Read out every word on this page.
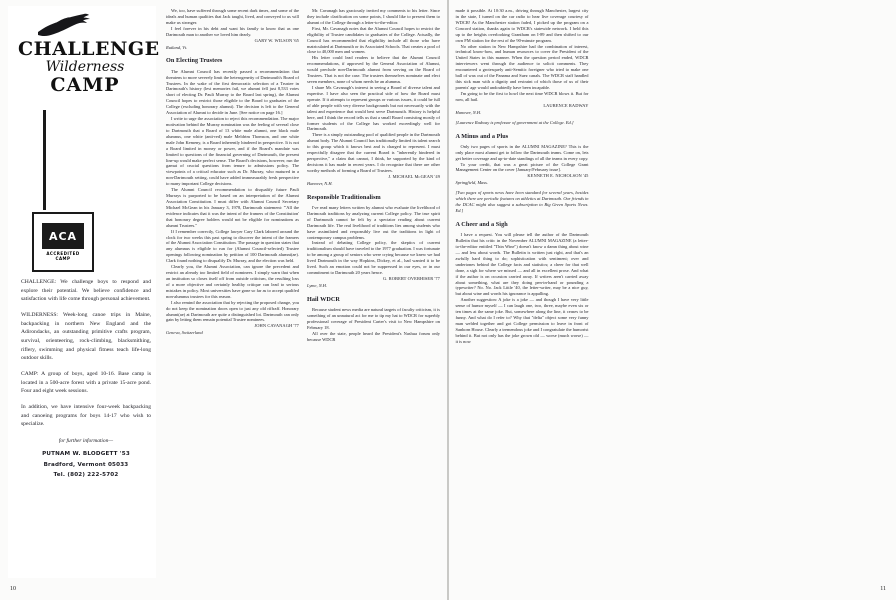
CHALLENGE
Wilderness
CAMP
ACA
ACCREDITED
CAMP

CHALLENGE: We challenge boys to respond and explore their potential. We believe confidence and satisfaction with life come through personal achievement.

WILDERNESS: Week-long canoe trips in Maine, backpacking in northern New England and the Adirondacks, an outstanding primitive crafts program, survival, orienteering, rock-climbing, blacksmithing, riflery, swimming and physical fitness teach life-long outdoor skills.

CAMP: A group of boys, aged 10-16. Base camp is located in a 500-acre forest with a private 15-acre pond. Four and eight week sessions.

In addition, we have intensive four-week backpacking and canoeing programs for boys 14-17 who wish to specialize.

for further information—
PUTNAM W. BLODGETT '53
Bradford, Vermont 05033
Tel. (802) 222-5702
10

We, too, have suffered through some recent dark times, and some of the ideals and human qualities that Jack taught, lived, and conveyed to us will make us stronger.

I feel forever in his debt and want his family to know that as one Dartmouth man to another we loved him dearly.

GARY W. WILSON '65
Rutland, Vt.
On Electing Trustees

The Alumni Council has recently passed a recommendation that threatens to more severely limit the heterogeneity of Dartmouth's Board of Trustees. In the wake of the first democratic selection of a Trustee in Dartmouth's history (lest memories fail, we alumni fell just 8,533 votes short of electing Dr. Pauli Murray to the Board last spring), the Alumni Council hopes to restrict those eligible to the Board to graduates of the College (excluding honorary alumni). The decision is left to the General Association of Alumni to decide in June. [See notice on page 16.]

I write to urge the association to reject this recommendation. The major motivation behind the Murray nomination was the feeling of several close to Dartmouth that a Board of 13 white male alumni, one black male alumnus, one white (anti-red) male Meldrim Thomson, and one white male John Kemeny, is a Board inherently hindered in perspective. It is not a Board limited in money or power, and if the Board's mandate was limited to questions of the financial governing of Dartmouth, the present line-up would make perfect sense. The Board's decisions, however, run the gamut of crucial questions from tenure to admissions policy. The viewpoints of a critical educator such as Dr. Murray, who matured in a non-Dartmouth setting, could have added immeasurably fresh perspective to many important College decisions.

The Alumni Council recommendation to disqualify future Pauli Murrays is purported to be based on an interpretation of the Alumni Association Constitution. I must differ with Alumni Council Secretary Michael McGean in his January 3, 1978, Dartmouth statement: "'All the evidence indicates that it was the intent of the framers of the Constitution' that honorary degree holders would not be eligible for nominations as alumni Trustees."

If I remember correctly, College lawyer Cary Clark labored around the clock for two weeks this past spring to discover the intent of the framers of the Alumni Association Constitution. The passage in question states that any alumnus is eligible to run for (Alumni Council-selected) Trustee openings following nomination by petition of 100 Dartmouth alumni(ae). Clark found nothing to disqualify Dr. Murray, and the election was held.

Clearly you, the Alumni Association, can ignore the precedent and restrict an already too limited field of nominees. I simply warn that when an institution so closes itself off from outside criticism, the resulting loss of a more objective and certainly healthy critique can lead to serious mistakes in policy. Most universities have gone so far as to accept qualifed non-alumnus trustees for this reason.

I also remind the association that by rejecting the proposed change, you do not keep the nomination doors open to just any old riffraff. Honorary alumni(ae) at Dartmouth are quite a distinguished lot. Dartmouth can only gain by letting them remain potential Trustee nominees.

JOHN CAVANAGH '77
Geneva, Switzerland

Mr. Cavanagh has graciously invited my comments to his letter. Since they include clarification on some points, I should like to present them to alumni of the College through a letter-to-the-editor.

First, Mr. Cavanagh notes that the Alumni Council hopes to restrict the eligibility of Trustee candidates to graduates of the College. Actually, the Council has recommended that eligibility include all those who have matriculated at Dartmouth or its Associated Schools. That creates a pool of close to 40,000 men and women.

His letter could lead readers to believe that the Alumni Council recommendations, if approved by the General Association of Alumni, would preclude non-Dartmouth alumni from serving on the Board of Trustees. That is not the case. The trustees themselves nominate and elect seven members, none of whom needs be an alumnus.

I share Mr. Cavanagh's interest in seeing a Board of diverse talent and expertise. I have also seen the practical side of how the Board must operate. If it attempts to represent groups or various issues, it could be full of able people with very diverse backgrounds but not necessarily with the talent and experience that would best serve Dartmouth. History is helpful here, and I think the record tells us that a small Board consisting mostly of former students of the College has worked exceedingly well for Dartmouth.

There is a simply outstanding pool of qualified people in the Dartmouth alumni body. The Alumni Council has traditionally limited its talent search to this group which it knows best and is charged to represent. I must respectfully disagree that the current Board is "inherently hindered in perspective," a claim that cannot, I think, be supported by the kind of decisions it has made in recent years. I do recognize that there are other worthy methods of forming a Board of Trustees.

J. MICHAEL McGEAN '49
Hanover, N.H.
Responsible Traditionalism

I've read many letters written by alumni who evaluate the livelihood of Dartmouth traditions by analyzing current College policy. The true spirit of Dartmouth cannot be felt by a spectator reading about current Dartmouth life. The real livelihood of traditions lies among students who have assimilated and responsibly live out the traditions in light of contemporary campus problems.

Instead of debating College policy, the skeptics of current traditionalism should have traveled to the 1977 graduation. I was fortunate to be among a group of seniors who were crying because we knew we had lived Dartmouth in the way Hopkins, Dickey, et al., had wanted it to be lived. Such an emotion could not be suppressed in our eyes, or in our commitment to Dartmouth 20 years hence.

G. ROBERT OVERHISER '77
Lyme, N.H.
Hail WDCR

Because student news media are natural targets of faculty criticism, it is something of an unnatural act for me to tip my hat to WDCR for superbly professional coverage of President Carter's visit to New Hampshire on February 18.

All over the state, people heard the President's Nashua forum only because WDCR

made it possible. At 10:30 a.m., driving through Manchester, largest city in the state, I turned on the car radio to hear live coverage courtesy of WDCR! As the Manchester station faded, I picked up the program on a Concord station, thanks again to WDCR's statewide network. I held this up to the heights overlooking Grantham on I-89 and then shifted to our own FM station for the rest of the 90-minute program.

No other station in New Hampshire had the combination of interest, technical know-how, and human resources to cover the President of the United States in this manner. When the question period ended, WDCR interviewers went through the audience to solicit comments. They encountered a grotesquely anti-Semitic foreigner who tried to make one ball of wax out of the Panama and Suez canals. The WDCR staff handled this sick man with a dignity and restraint of which those of us of their parents' age would undoubtedly have been incapable.

I'm going to be the first to howl the next time WDCR blows it. But for now, all hail.

LAURENCE RADWAY
Hanover, N.H.
[Laurence Radway is professor of government at the College. Ed.]
A Minus and a Plus

Only two pages of sports in the ALUMNI MAGAZINE? This is the only place most alumni get to follow the Dartmouth teams. Come on, lets get better coverage and up-to-date standings of all the teams in every copy.

To your credit, that was a great picture of the College Grant Management Center on the cover [January/February issue].

KENNETH E. NICHOLSON '45
Springfield, Mass.
[Two pages of sports news have been standard for several years, besides which there are periodic features on athletics at Dartmouth. Our friends in the DCAC might also suggest a subscription to Big Green Sports News. Ed.]
A Cheer and a Sigh

I have a request. You will please tell the author of the Dartmouth Bulletin that his critic in the November ALUMNI MAGAZINE (a letter-to-the-editor entitled "Thin Wine") doesn't know a damn thing about wine — and less about words. The Bulletin is written just right, and that's an awfully hard thing to do; sophistication with sentiment; over and undertones behind the College facts and statistics; a cheer for that well done, a sigh for where we missed — and all in excellent prose. And what if the author is on occasion carried away. If writers aren't carried away about something, what are they doing pen-in-hand or pounding a typewriter? No. No. Jack Little '40, the letter-writer, may be a nice guy, but about wine and words his ignorance is appalling.

Another suggestion: A joke is a joke — and though I have very little sense of humor myself — I can laugh one, two, three, maybe even six or ten times at the same joke. But, somewhere along the line, it ceases to be funny. And what do I refer to? Why that "delta" object some very funny man welded together and got College permission to leave in front of Sanborn House. Clearly a tremendous joke and I congratulate the humorist behind it. But not only has the joke grown old — worse (much worse) — it is now

11
